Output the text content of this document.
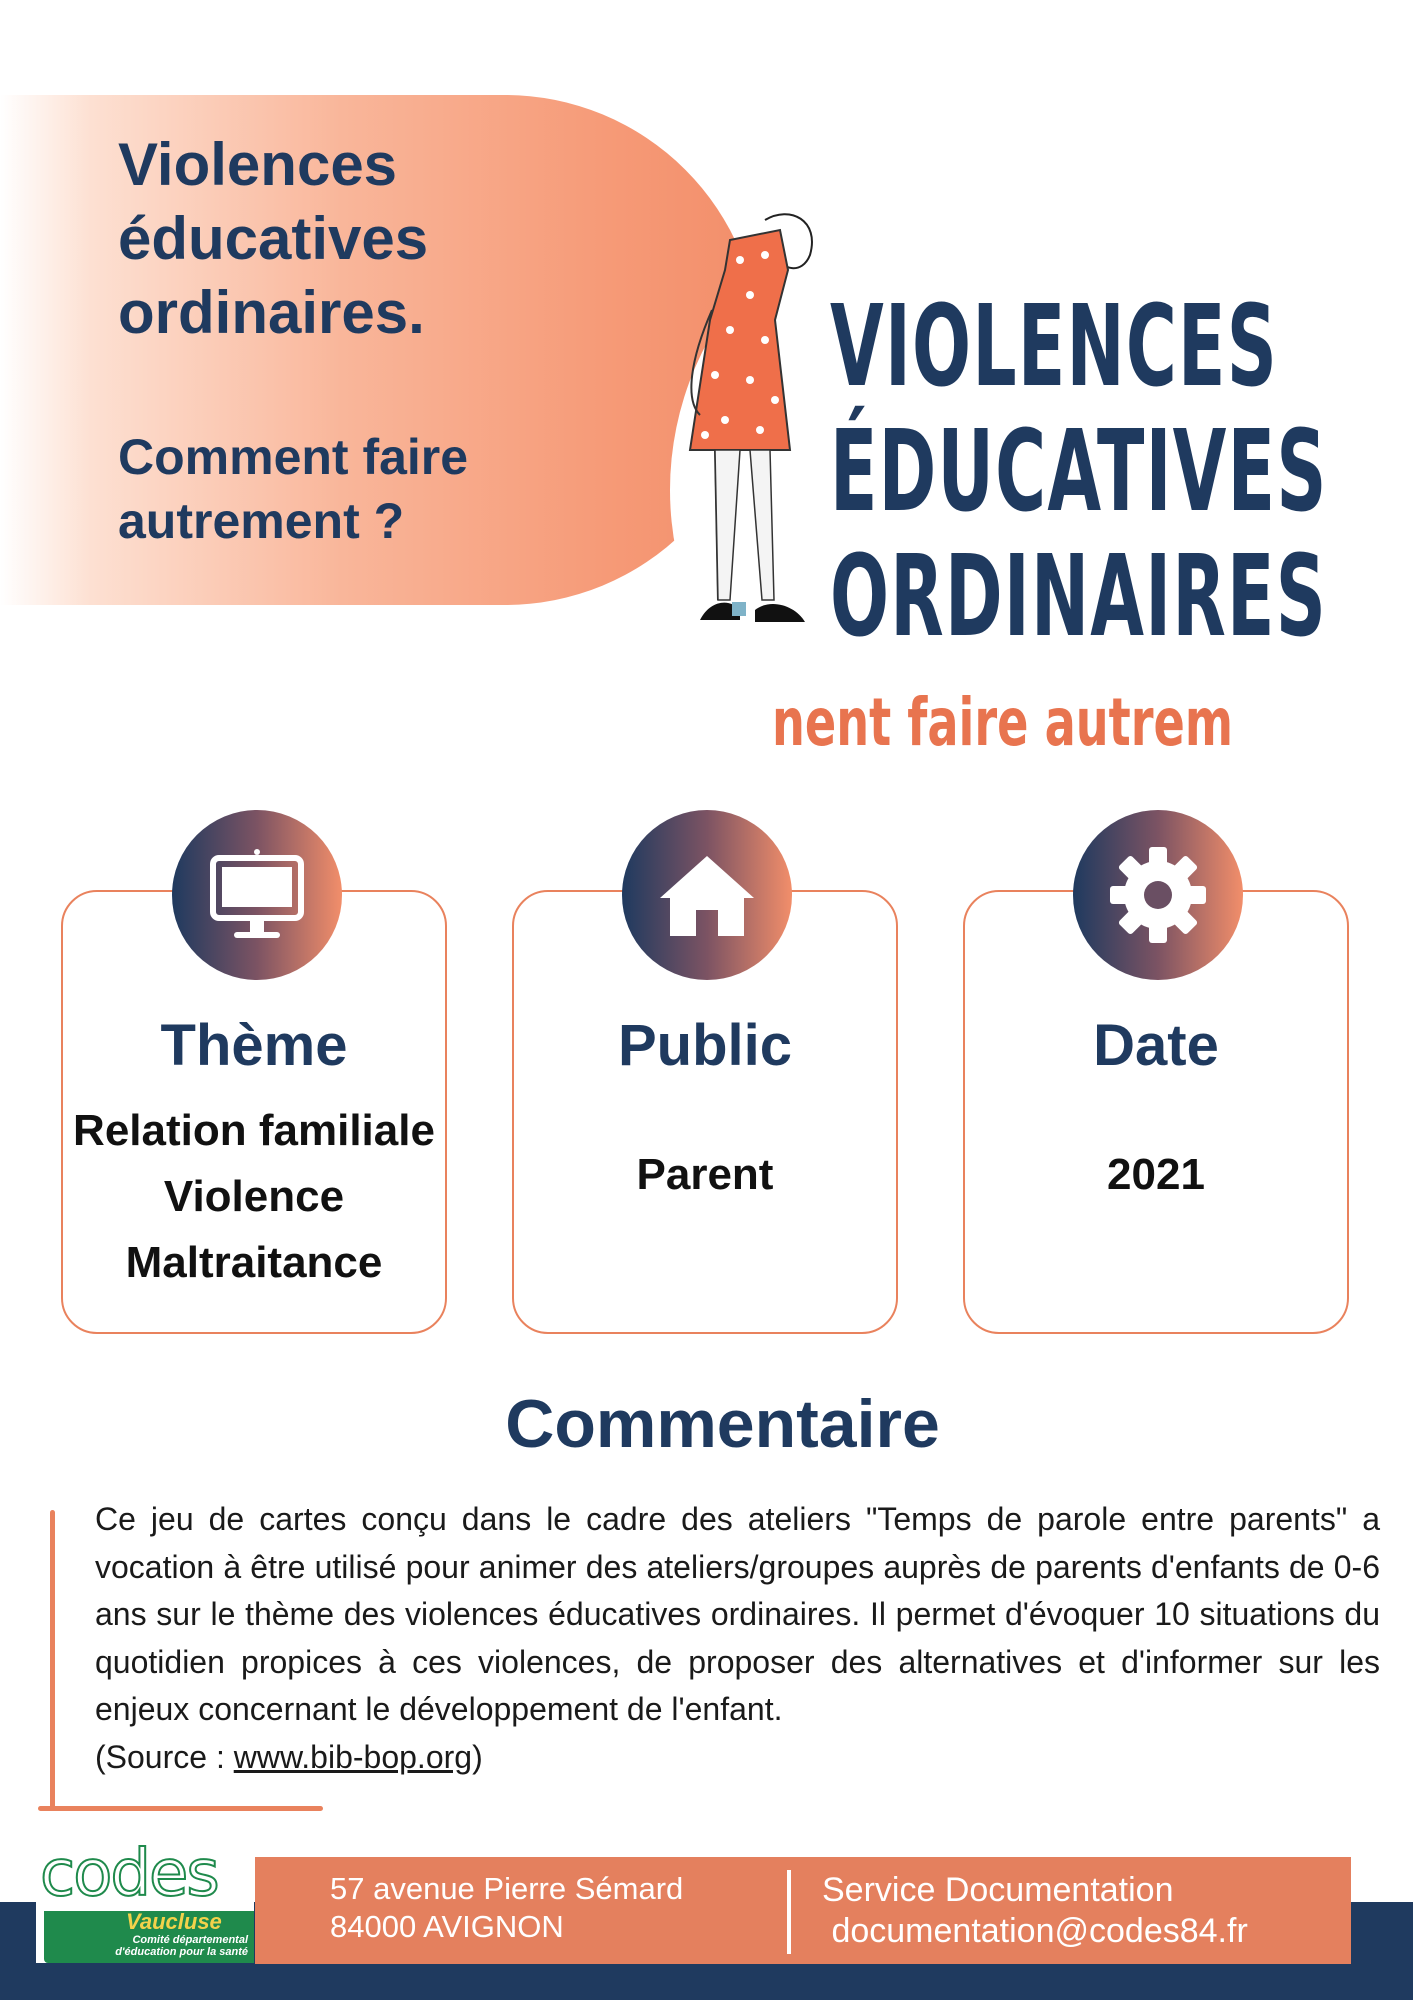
Violences
éducatives
ordinaires.
Comment faire
autrement ?
VIOLENCES
ÉDUCATIVES
ORDINAIRES
nent faire autrem
Thème
Relation familiale
Violence
Maltraitance
Public
Parent
Date
2021
Commentaire
Ce jeu de cartes conçu dans le cadre des ateliers "Temps de parole entre parents" a vocation à être utilisé pour animer des ateliers/groupes auprès de parents d'enfants de 0-6 ans sur le thème des violences éducatives ordinaires. Il permet d'évoquer 10 situations du quotidien propices à ces violences, de proposer des alternatives et d'informer sur les enjeux concernant le développement de l'enfant.
(Source : www.bib-bop.org)
57 avenue Pierre Sémard
84000 AVIGNON
Service Documentation
documentation@codes84.fr
codes
Vaucluse
Comité départemental
d'éducation pour la santé
